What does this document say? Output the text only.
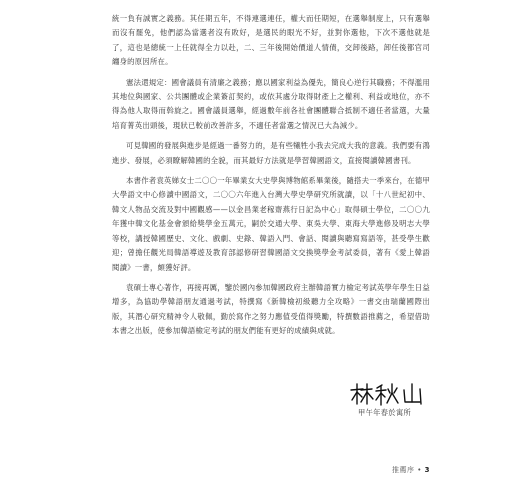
統一負有誠實之義務。其任期五年，不得連選連任，權大而任期短，在選舉制度上，只有選舉而沒有罷免，他們認為當選者沒有敗好，是選民的眼光不好，並對你選他，下次不選他就是了，這也是總統一上任就得全力以赴，二、三年後開始價道人情債，交卸後路，卸任後都官司纏身的原因所在。

憲法還規定：國會議員有清廉之義務；應以國家利益為優先，簡良心逆行其職務；不得濫用其地位與國家、公共團體或企業簽訂契約，或依其處分取得財產上之權利、利益或地位，亦不得為他人取得而斡旋之。國會議員選舉，經過數年前各社會團體聯合抵制不適任者當選，大量培育菁英出頭後，現狀已較前改善許多，不適任者當選之情況已大為減少。

可見韓國的發展與進步是經過一番努力的，是有些犧牲小我去完成大我的意義。我們要有鴻進步、發展，必須瞭解韓國的全貌，而其最好方法就是學習韓國語文，直接閱讀韓國書刊。

本書作者袁英娣女士二〇〇一年畢業女大史學與博物館系畢業後，隨搭夫一季來台，在德甲大學語文中心修讀中國語文，二〇〇六年進入台灣大學史學研究所就讀，以「十八世紀初中、韓文人物品交流及對中國觀感——以金昌業老稼齋燕行日記為中心」取得碩士學位，二〇〇九年獲中韓文化基金會頒給獎學金五萬元，嗣於交通大學、東吳大學、東海大學進修及明志大學等校，講授韓國歷史、文化、戲劇、史錄、韓語入門、會話、閱讀與聽寫寫語等，甚受學生歡迎；曾擔任觀光局韓語導遊及教育部認修研習韓國語文交換獎學金考試委員，著有《愛上韓語閱讀》一書，頗獲好評。

袁碩士專心著作，再接再厲，鑒於國內參加韓國政府主辦韓語實力檢定考試英學年學生日益增多，為協助學韓語朋友通過考試，特撰寫《新韓檢初級聽力全攻略》一書交由瑞蘭國際出版，其潛心研究精神令人敬佩，勤於寫作之努力應值受值得獎勵，特撰數語推薦之，希望借助本書之出版，使參加韓語檢定考試的朋友們能有更好的成績與成就。

甲午年春於寓所
推薦序 • 3
